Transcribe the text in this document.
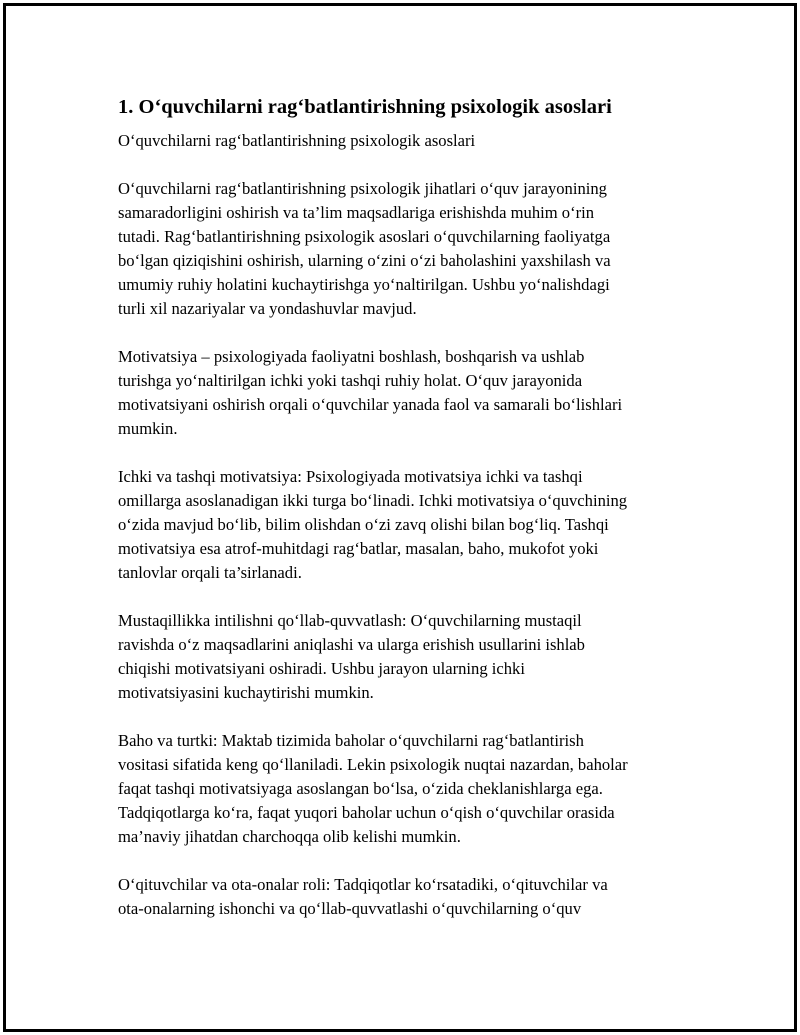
1. O‘quvchilarni rag‘batlantirishning psixologik asoslari
O‘quvchilarni rag‘batlantirishning psixologik asoslari
O‘quvchilarni rag‘batlantirishning psixologik jihatlari o‘quv jarayonining
samaradorligini oshirish va ta’lim maqsadlariga erishishda muhim o‘rin
tutadi. Rag‘batlantirishning psixologik asoslari o‘quvchilarning faoliyatga
bo‘lgan qiziqishini oshirish, ularning o‘zini o‘zi baholashini yaxshilash va
umumiy ruhiy holatini kuchaytirishga yo‘naltirilgan. Ushbu yo‘nalishdagi
turli xil nazariyalar va yondashuvlar mavjud.
Motivatsiya – psixologiyada faoliyatni boshlash, boshqarish va ushlab
turishga yo‘naltirilgan ichki yoki tashqi ruhiy holat. O‘quv jarayonida
motivatsiyani oshirish orqali o‘quvchilar yanada faol va samarali bo‘lishlari
mumkin.
Ichki va tashqi motivatsiya: Psixologiyada motivatsiya ichki va tashqi
omillarga asoslanadigan ikki turga bo‘linadi. Ichki motivatsiya o‘quvchining
o‘zida mavjud bo‘lib, bilim olishdan o‘zi zavq olishi bilan bog‘liq. Tashqi
motivatsiya esa atrof-muhitdagi rag‘batlar, masalan, baho, mukofot yoki
tanlovlar orqali ta’sirlanadi.
Mustaqillikka intilishni qo‘llab-quvvatlash: O‘quvchilarning mustaqil
ravishda o‘z maqsadlarini aniqlashi va ularga erishish usullarini ishlab
chiqishi motivatsiyani oshiradi. Ushbu jarayon ularning ichki
motivatsiyasini kuchaytirishi mumkin.
Baho va turtki: Maktab tizimida baholar o‘quvchilarni rag‘batlantirish
vositasi sifatida keng qo‘llaniladi. Lekin psixologik nuqtai nazardan, baholar
faqat tashqi motivatsiyaga asoslangan bo‘lsa, o‘zida cheklanishlarga ega.
Tadqiqotlarga ko‘ra, faqat yuqori baholar uchun o‘qish o‘quvchilar orasida
ma’naviy jihatdan charchoqqa olib kelishi mumkin.
O‘qituvchilar va ota-onalar roli: Tadqiqotlar ko‘rsatadiki, o‘qituvchilar va
ota-onalarning ishonchi va qo‘llab-quvvatlashi o‘quvchilarning o‘quv
